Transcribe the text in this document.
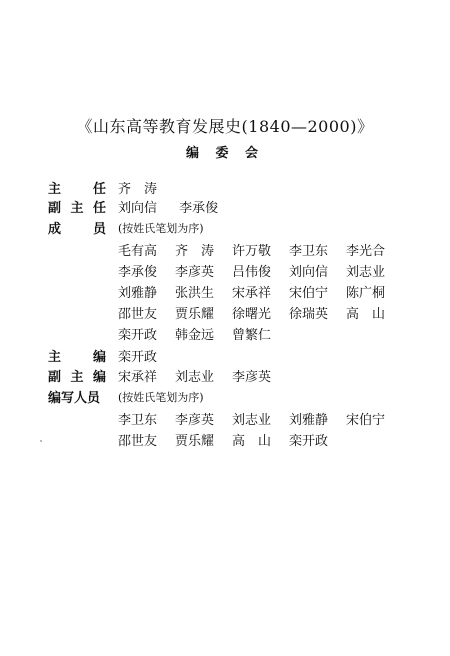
《山东高等教育发展史(1840—2000)》
编 委 会
主 任 齐　涛
副 主 任 刘向信 李承俊
成 员 (按姓氏笔划为序)
毛有高 齐　涛 许万敬 李卫东 李光合
李承俊 李彦英 吕伟俊 刘向信 刘志业
刘雅静 张洪生 宋承祥 宋伯宁 陈广桐
邵世友 贾乐耀 徐曙光 徐瑞英 高　山
栾开政 韩金远 曾繁仁
主 编 栾开政
副 主 编 宋承祥 刘志业 李彦英
编写人员	(按姓氏笔划为序)
李卫东 李彦英 刘志业 刘雅静 宋伯宁
邵世友 贾乐耀 高　山 栾开政
